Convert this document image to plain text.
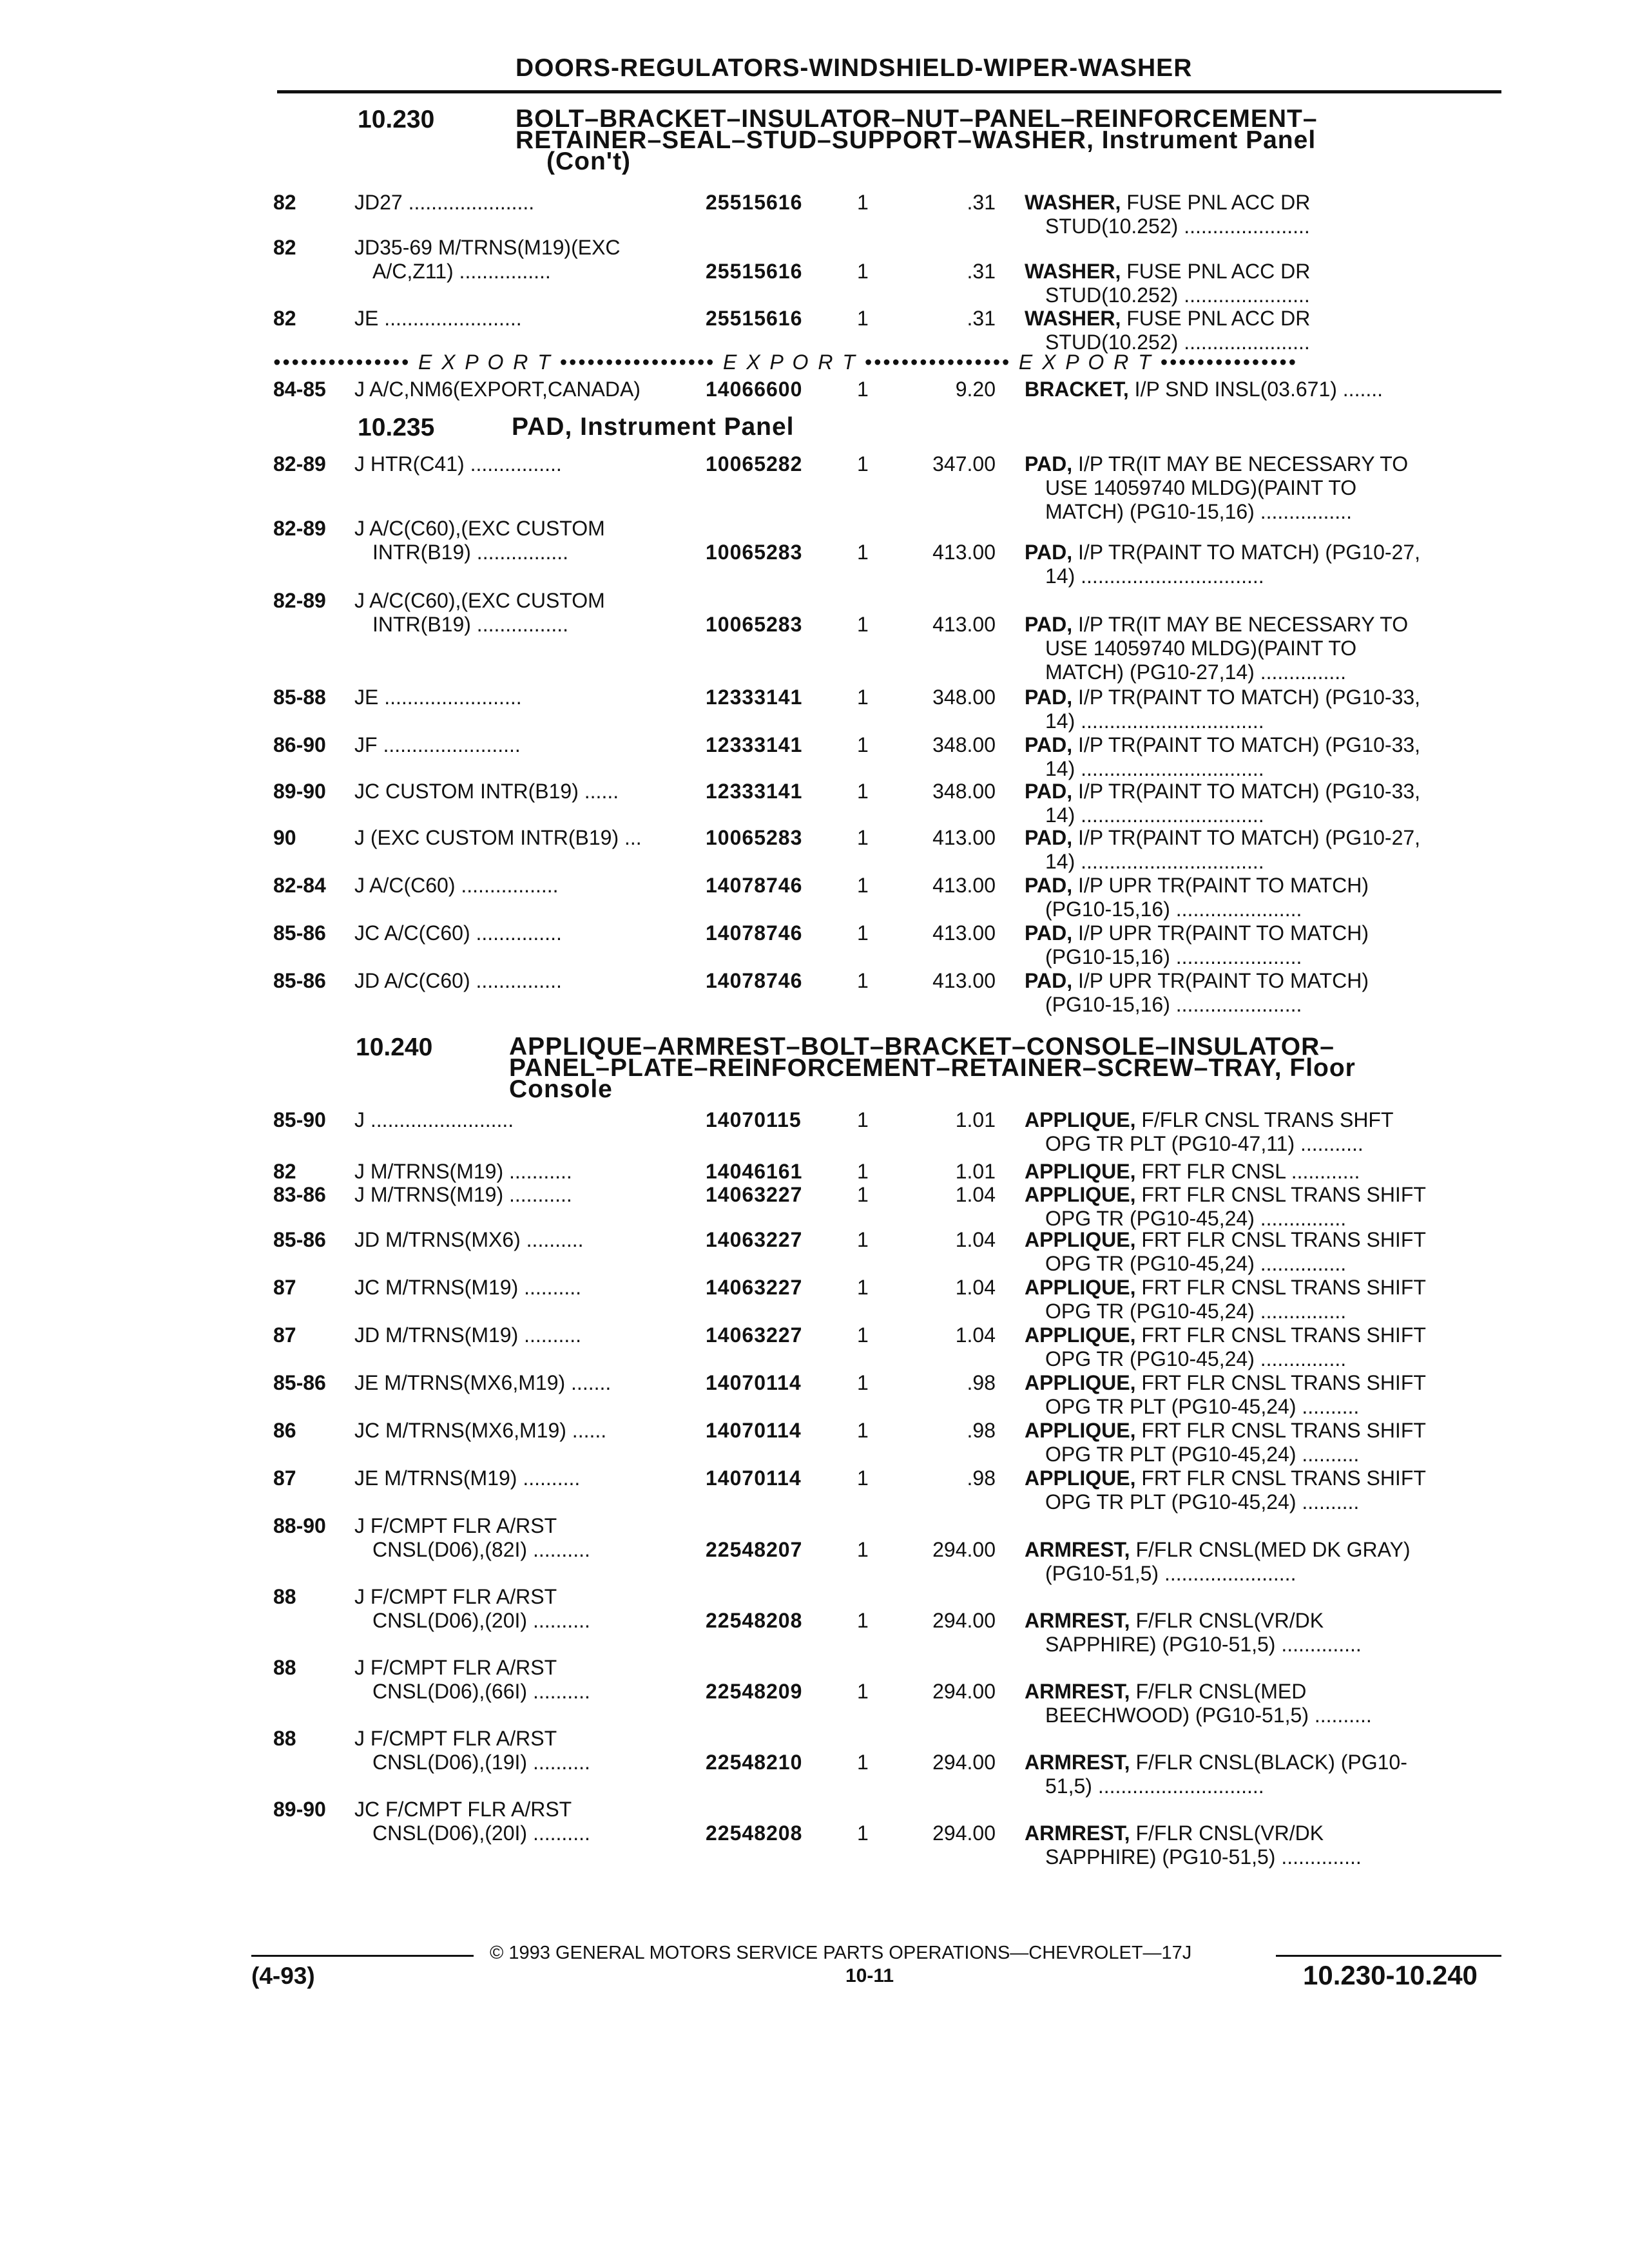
DOORS-REGULATORS-WINDSHIELD-WIPER-WASHER
10.230	BOLT–BRACKET–INSULATOR–NUT–PANEL–REINFORCEMENT–
RETAINER–SEAL–STUD–SUPPORT–WASHER, Instrument Panel
(Con't)
••••••••••••••• E X P O R T ••••••••••••••••• E X P O R T •••••••••••••••• E X P O R T •••••••••••••••
10.235	PAD, Instrument Panel
10.240	APPLIQUE–ARMREST–BOLT–BRACKET–CONSOLE–INSULATOR–
PANEL–PLATE–REINFORCEMENT–RETAINER–SCREW–TRAY, Floor
Console
82	JD27 ......................	25515616	1	.31 WASHER, FUSE PNL ACC DR
STUD(10.252) ......................
82	JD35-69 M/TRNS(M19)(EXC
A/C,Z11) ................	25515616	1	.31 WASHER, FUSE PNL ACC DR
STUD(10.252) ......................
82	JE ........................	25515616	1	.31 WASHER, FUSE PNL ACC DR
STUD(10.252) ......................
84-85 J A/C,NM6(EXPORT,CANADA)	14066600	1	9.20 BRACKET, I/P SND INSL(03.671) .......
82-89 J HTR(C41) ................	10065282	1	347.00 PAD, I/P TR(IT MAY BE NECESSARY TO
USE 14059740 MLDG)(PAINT TO
MATCH) (PG10-15,16) ................
82-89 J A/C(C60),(EXC CUSTOM
INTR(B19) ................	10065283	1	413.00 PAD, I/P TR(PAINT TO MATCH) (PG10-27,
14) ................................
82-89 J A/C(C60),(EXC CUSTOM
INTR(B19) ................	10065283	1	413.00 PAD, I/P TR(IT MAY BE NECESSARY TO
USE 14059740 MLDG)(PAINT TO
MATCH) (PG10-27,14) ...............
85-88 JE ........................	12333141	1	348.00 PAD, I/P TR(PAINT TO MATCH) (PG10-33,
14) ................................
86-90 JF ........................	12333141	1	348.00 PAD, I/P TR(PAINT TO MATCH) (PG10-33,
14) ................................
89-90 JC CUSTOM INTR(B19) ......	12333141	1	348.00 PAD, I/P TR(PAINT TO MATCH) (PG10-33,
14) ................................
90	J (EXC CUSTOM INTR(B19) ...	10065283	1	413.00 PAD, I/P TR(PAINT TO MATCH) (PG10-27,
14) ................................
82-84 J A/C(C60) .................	14078746	1	413.00 PAD, I/P UPR TR(PAINT TO MATCH)
(PG10-15,16) ......................
85-86 JC A/C(C60) ...............	14078746	1	413.00 PAD, I/P UPR TR(PAINT TO MATCH)
(PG10-15,16) ......................
85-86 JD A/C(C60) ...............	14078746	1	413.00 PAD, I/P UPR TR(PAINT TO MATCH)
(PG10-15,16) ......................
85-90 J .........................	14070115	1	1.01 APPLIQUE, F/FLR CNSL TRANS SHFT
OPG TR PLT (PG10-47,11) ...........
82	J M/TRNS(M19) ...........	14046161	1	1.01 APPLIQUE, FRT FLR CNSL ............
83-86 J M/TRNS(M19) ...........	14063227	1	1.04 APPLIQUE, FRT FLR CNSL TRANS SHIFT
OPG TR (PG10-45,24) ...............
85-86 JD M/TRNS(MX6) ..........	14063227	1	1.04 APPLIQUE, FRT FLR CNSL TRANS SHIFT
OPG TR (PG10-45,24) ...............
87	JC M/TRNS(M19) ..........	14063227	1	1.04 APPLIQUE, FRT FLR CNSL TRANS SHIFT
OPG TR (PG10-45,24) ...............
87	JD M/TRNS(M19) ..........	14063227	1	1.04 APPLIQUE, FRT FLR CNSL TRANS SHIFT
OPG TR (PG10-45,24) ...............
85-86 JE M/TRNS(MX6,M19) .......	14070114	1	.98 APPLIQUE, FRT FLR CNSL TRANS SHIFT
OPG TR PLT (PG10-45,24) ..........
86	JC M/TRNS(MX6,M19) ......	14070114	1	.98 APPLIQUE, FRT FLR CNSL TRANS SHIFT
OPG TR PLT (PG10-45,24) ..........
87	JE M/TRNS(M19) ..........	14070114	1	.98 APPLIQUE, FRT FLR CNSL TRANS SHIFT
OPG TR PLT (PG10-45,24) ..........
88-90 J F/CMPT FLR A/RST
CNSL(D06),(82I) ..........	22548207	1	294.00 ARMREST, F/FLR CNSL(MED DK GRAY)
(PG10-51,5) .......................
88	J F/CMPT FLR A/RST
CNSL(D06),(20I) ..........	22548208	1	294.00 ARMREST, F/FLR CNSL(VR/DK
SAPPHIRE) (PG10-51,5) ..............
88	J F/CMPT FLR A/RST
CNSL(D06),(66I) ..........	22548209	1	294.00 ARMREST, F/FLR CNSL(MED
BEECHWOOD) (PG10-51,5) ..........
88	J F/CMPT FLR A/RST
CNSL(D06),(19I) ..........	22548210	1	294.00 ARMREST, F/FLR CNSL(BLACK) (PG10-
51,5) .............................
89-90 JC F/CMPT FLR A/RST
CNSL(D06),(20I) ..........	22548208	1	294.00 ARMREST, F/FLR CNSL(VR/DK
SAPPHIRE) (PG10-51,5) ..............
© 1993 GENERAL MOTORS SERVICE PARTS OPERATIONS—CHEVROLET—17J
(4-93)	10-11	10.230-10.240
